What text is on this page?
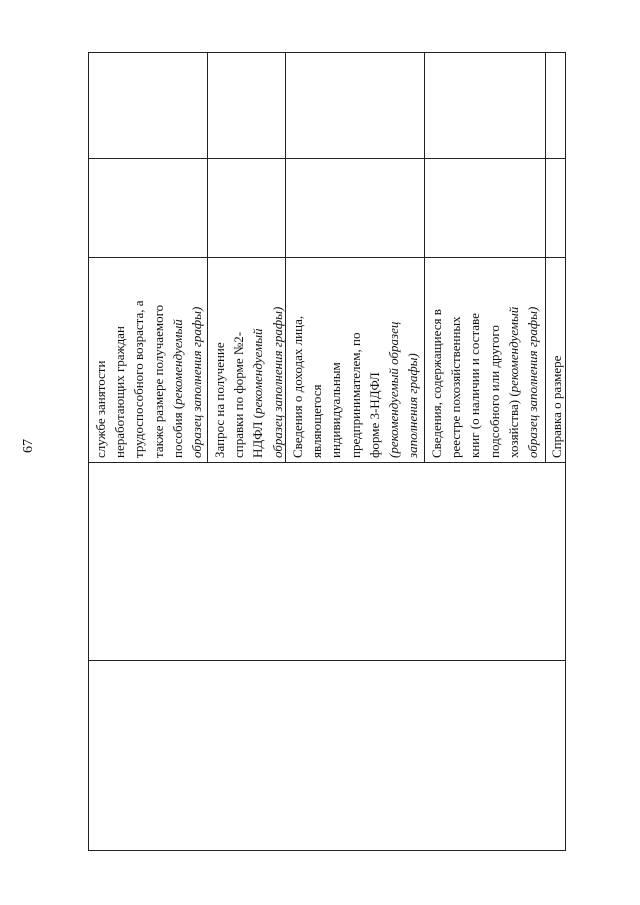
67	службе занятости неработающих граждан трудоспособного возраста, а также размере получаемого пособия (рекомендуемый образец заполнения графы) Запрос на получение справки по форме №2- НДФЛ (рекомендуемый образец заполнения графы) Сведения о доходах лица, являющегося индивидуальным предпринимателем, по форме 3-НДФЛ (рекомендуемый образец заполнения графы) Сведения, содержащиеся в реестре похозяйственных книг (о наличии и составе подсобного или другого хозяйства) (рекомендуемый образец заполнения графы) Справка о размере
